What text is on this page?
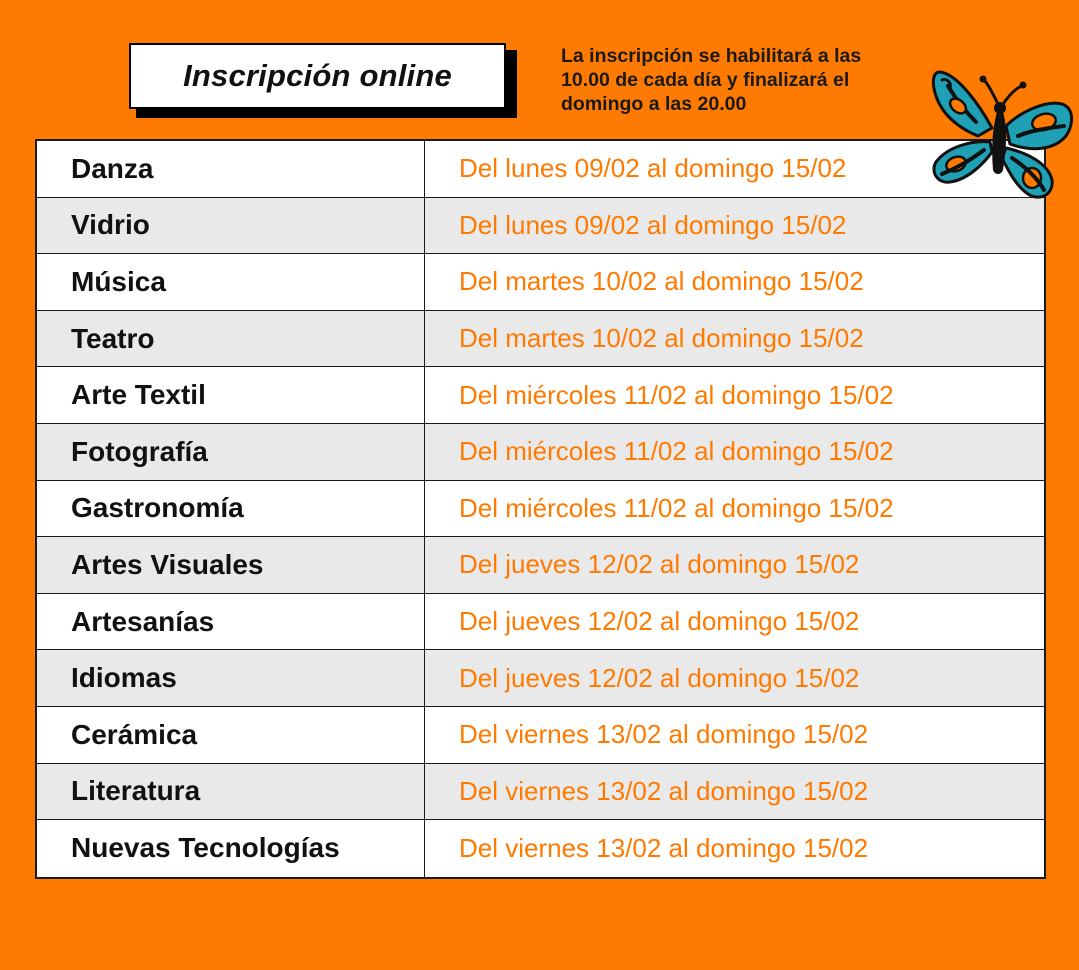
Inscripción online
La inscripción se habilitará a las
10.00 de cada día y finalizará el
domingo a las 20.00
Danza	Del lunes 09/02 al domingo 15/02
Vidrio	Del lunes 09/02 al domingo 15/02
Música	Del martes 10/02 al domingo 15/02
Teatro	Del martes 10/02 al domingo 15/02
Arte Textil	Del miércoles 11/02 al domingo 15/02
Fotografía	Del miércoles 11/02 al domingo 15/02
Gastronomía	Del miércoles 11/02 al domingo 15/02
Artes Visuales	Del jueves 12/02 al domingo 15/02
Artesanías	Del jueves 12/02 al domingo 15/02
Idiomas	Del jueves 12/02 al domingo 15/02
Cerámica	Del viernes 13/02 al domingo 15/02
Literatura	Del viernes 13/02 al domingo 15/02
Nuevas Tecnologías	Del viernes 13/02 al domingo 15/02
